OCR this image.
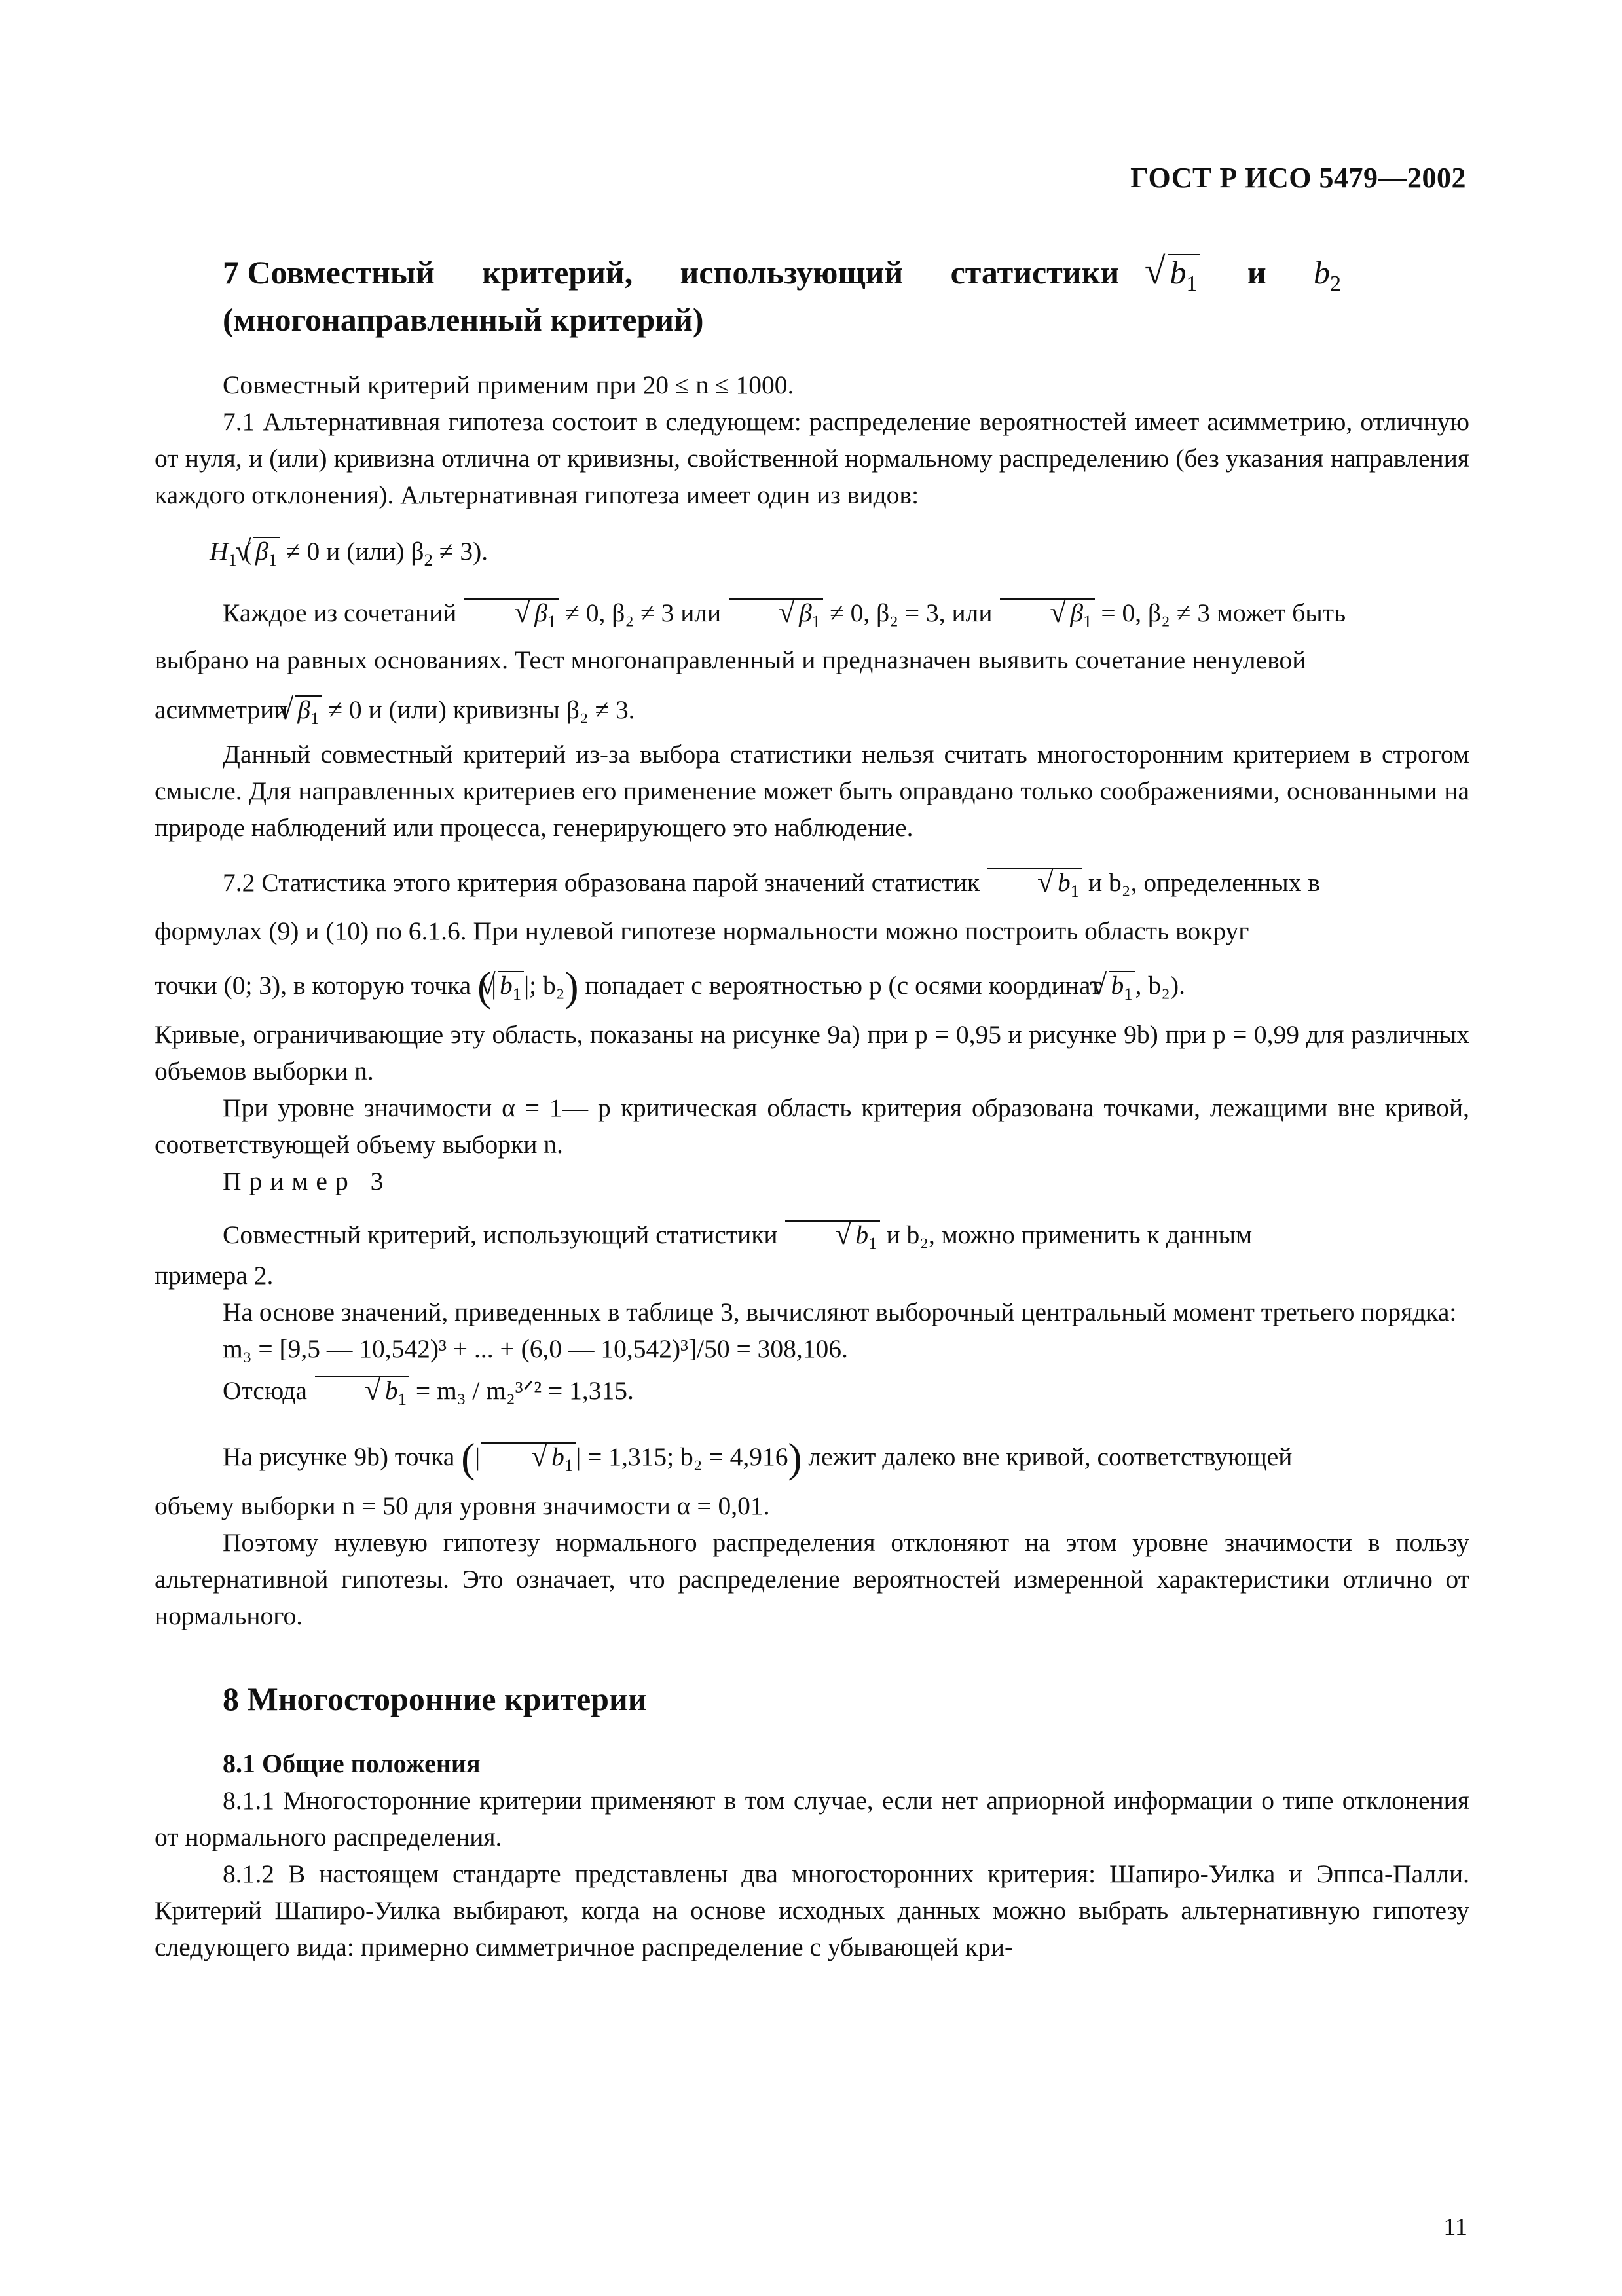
ГОСТ Р ИСО 5479—2002
7 Совместный критерий, использующий статистики √ $b_1$ и $b_2$
(многонаправленный критерий)

Совместный критерий применим при 20 ≤ n ≤ 1000.

7.1 Альтернативная гипотеза состоит в следующем: распределение вероятностей имеет асимметрию, отличную от нуля, и (или) кривизна отлична от кривизны, свойственной нормальному распределению (без указания направления каждого отклонения). Альтернативная гипотеза имеет один из видов:

$H_1$ ( √ $\beta_1 \ne 0$ и (или) $\beta_2 \ne 3$).

Каждое из сочетаний	√ $\beta_1 \ne 0$, β₂ ≠ 3 или	√ $\beta_1 \ne 0$, β₂ = 3, или	√ $\beta_1 = 0$, β₂ ≠ 3 может быть

выбрано на равных основаниях. Тест многонаправленный и предназначен выявить сочетание ненулевой

асимметрии √ $\beta_1 \ne 0$ и (или) кривизны β₂ ≠ 3.

Данный совместный критерий из-за выбора статистики нельзя считать многосторонним критерием в строгом смысле. Для направленных критериев его применение может быть оправдано только соображениями, основанными на природе наблюдений или процесса, генерирующего это наблюдение.

7.2 Статистика этого критерия образована парой значений статистик	√ $b_1$ и b₂, определенных в

формулах (9) и (10) по 6.1.6. При нулевой гипотезе нормальности можно построить область вокруг

точки (0; 3), в которую точка (| √ $b_1$ |; b₂) попадает с вероятностью p (с осями координат √ $b_1$ , b₂).

Кривые, ограничивающие эту область, показаны на рисунке 9а) при p = 0,95 и рисунке 9b) при p = 0,99 для различных объемов выборки n.

При уровне значимости α = 1— p критическая область критерия образована точками, лежащими вне кривой, соответствующей объему выборки n.

Пример 3

Совместный критерий, использующий статистики	√ $b_1$ и b₂, можно применить к данным

примера 2.

На основе значений, приведенных в таблице 3, вычисляют выборочный центральный момент третьего порядка:

m₃ = [9,5 — 10,542)³ + ... + (6,0 — 10,542)³]/50 = 308,106.

Отсюда	√ $b_1 = m_3$ / m₂³ᐟ² = 1,315.

На рисунке 9b) точка (|	√ $b_1$ | = 1,315; b₂ = 4,916) лежит далеко вне кривой, соответствующей

объему выборки n = 50 для уровня значимости α = 0,01.

Поэтому нулевую гипотезу нормального распределения отклоняют на этом уровне значимости в пользу альтернативной гипотезы. Это означает, что распределение вероятностей измеренной характеристики отлично от нормального.

8 Многосторонние критерии
8.1 Общие положения

8.1.1 Многосторонние критерии применяют в том случае, если нет априорной информации о типе отклонения от нормального распределения.

8.1.2 В настоящем стандарте представлены два многосторонних критерия: Шапиро-Уилка и Эппса-Палли. Критерий Шапиро-Уилка выбирают, когда на основе исходных данных можно выбрать альтернативную гипотезу следующего вида: примерно симметричное распределение с убывающей кри-

11
